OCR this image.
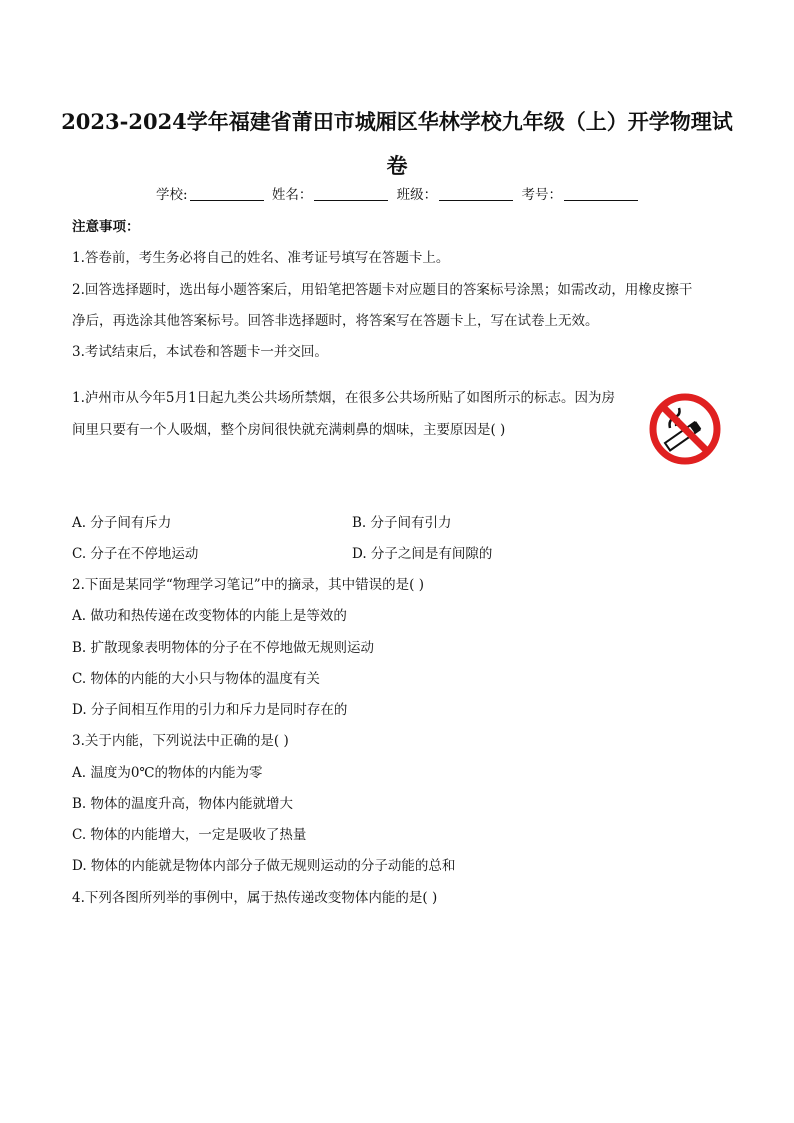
2023-2024学年福建省莆田市城厢区华林学校九年级（上）开学物理试卷
学校:	姓名：	班级：	考号：
注意事项：
1.答卷前，考生务必将自己的姓名、准考证号填写在答题卡上。
2.回答选择题时，选出每小题答案后，用铅笔把答题卡对应题目的答案标号涂黑；如需改动，用橡皮擦干
净后，再选涂其他答案标号。回答非选择题时，将答案写在答题卡上，写在试卷上无效。
3.考试结束后，本试卷和答题卡一并交回。
1.泸州市从今年5月1日起九类公共场所禁烟，在很多公共场所贴了如图所示的标志。因为房
间里只要有一个人吸烟，整个房间很快就充满刺鼻的烟味，主要原因是( )
A. 分子间有斥力	B. 分子间有引力
C. 分子在不停地运动	D. 分子之间是有间隙的
2.下面是某同学“物理学习笔记”中的摘录，其中错误的是( )
A. 做功和热传递在改变物体的内能上是等效的
B. 扩散现象表明物体的分子在不停地做无规则运动
C. 物体的内能的大小只与物体的温度有关
D. 分子间相互作用的引力和斥力是同时存在的
3.关于内能，下列说法中正确的是( )
A. 温度为0℃的物体的内能为零
B. 物体的温度升高，物体内能就增大
C. 物体的内能增大，一定是吸收了热量
D. 物体的内能就是物体内部分子做无规则运动的分子动能的总和
4.下列各图所列举的事例中，属于热传递改变物体内能的是( )
